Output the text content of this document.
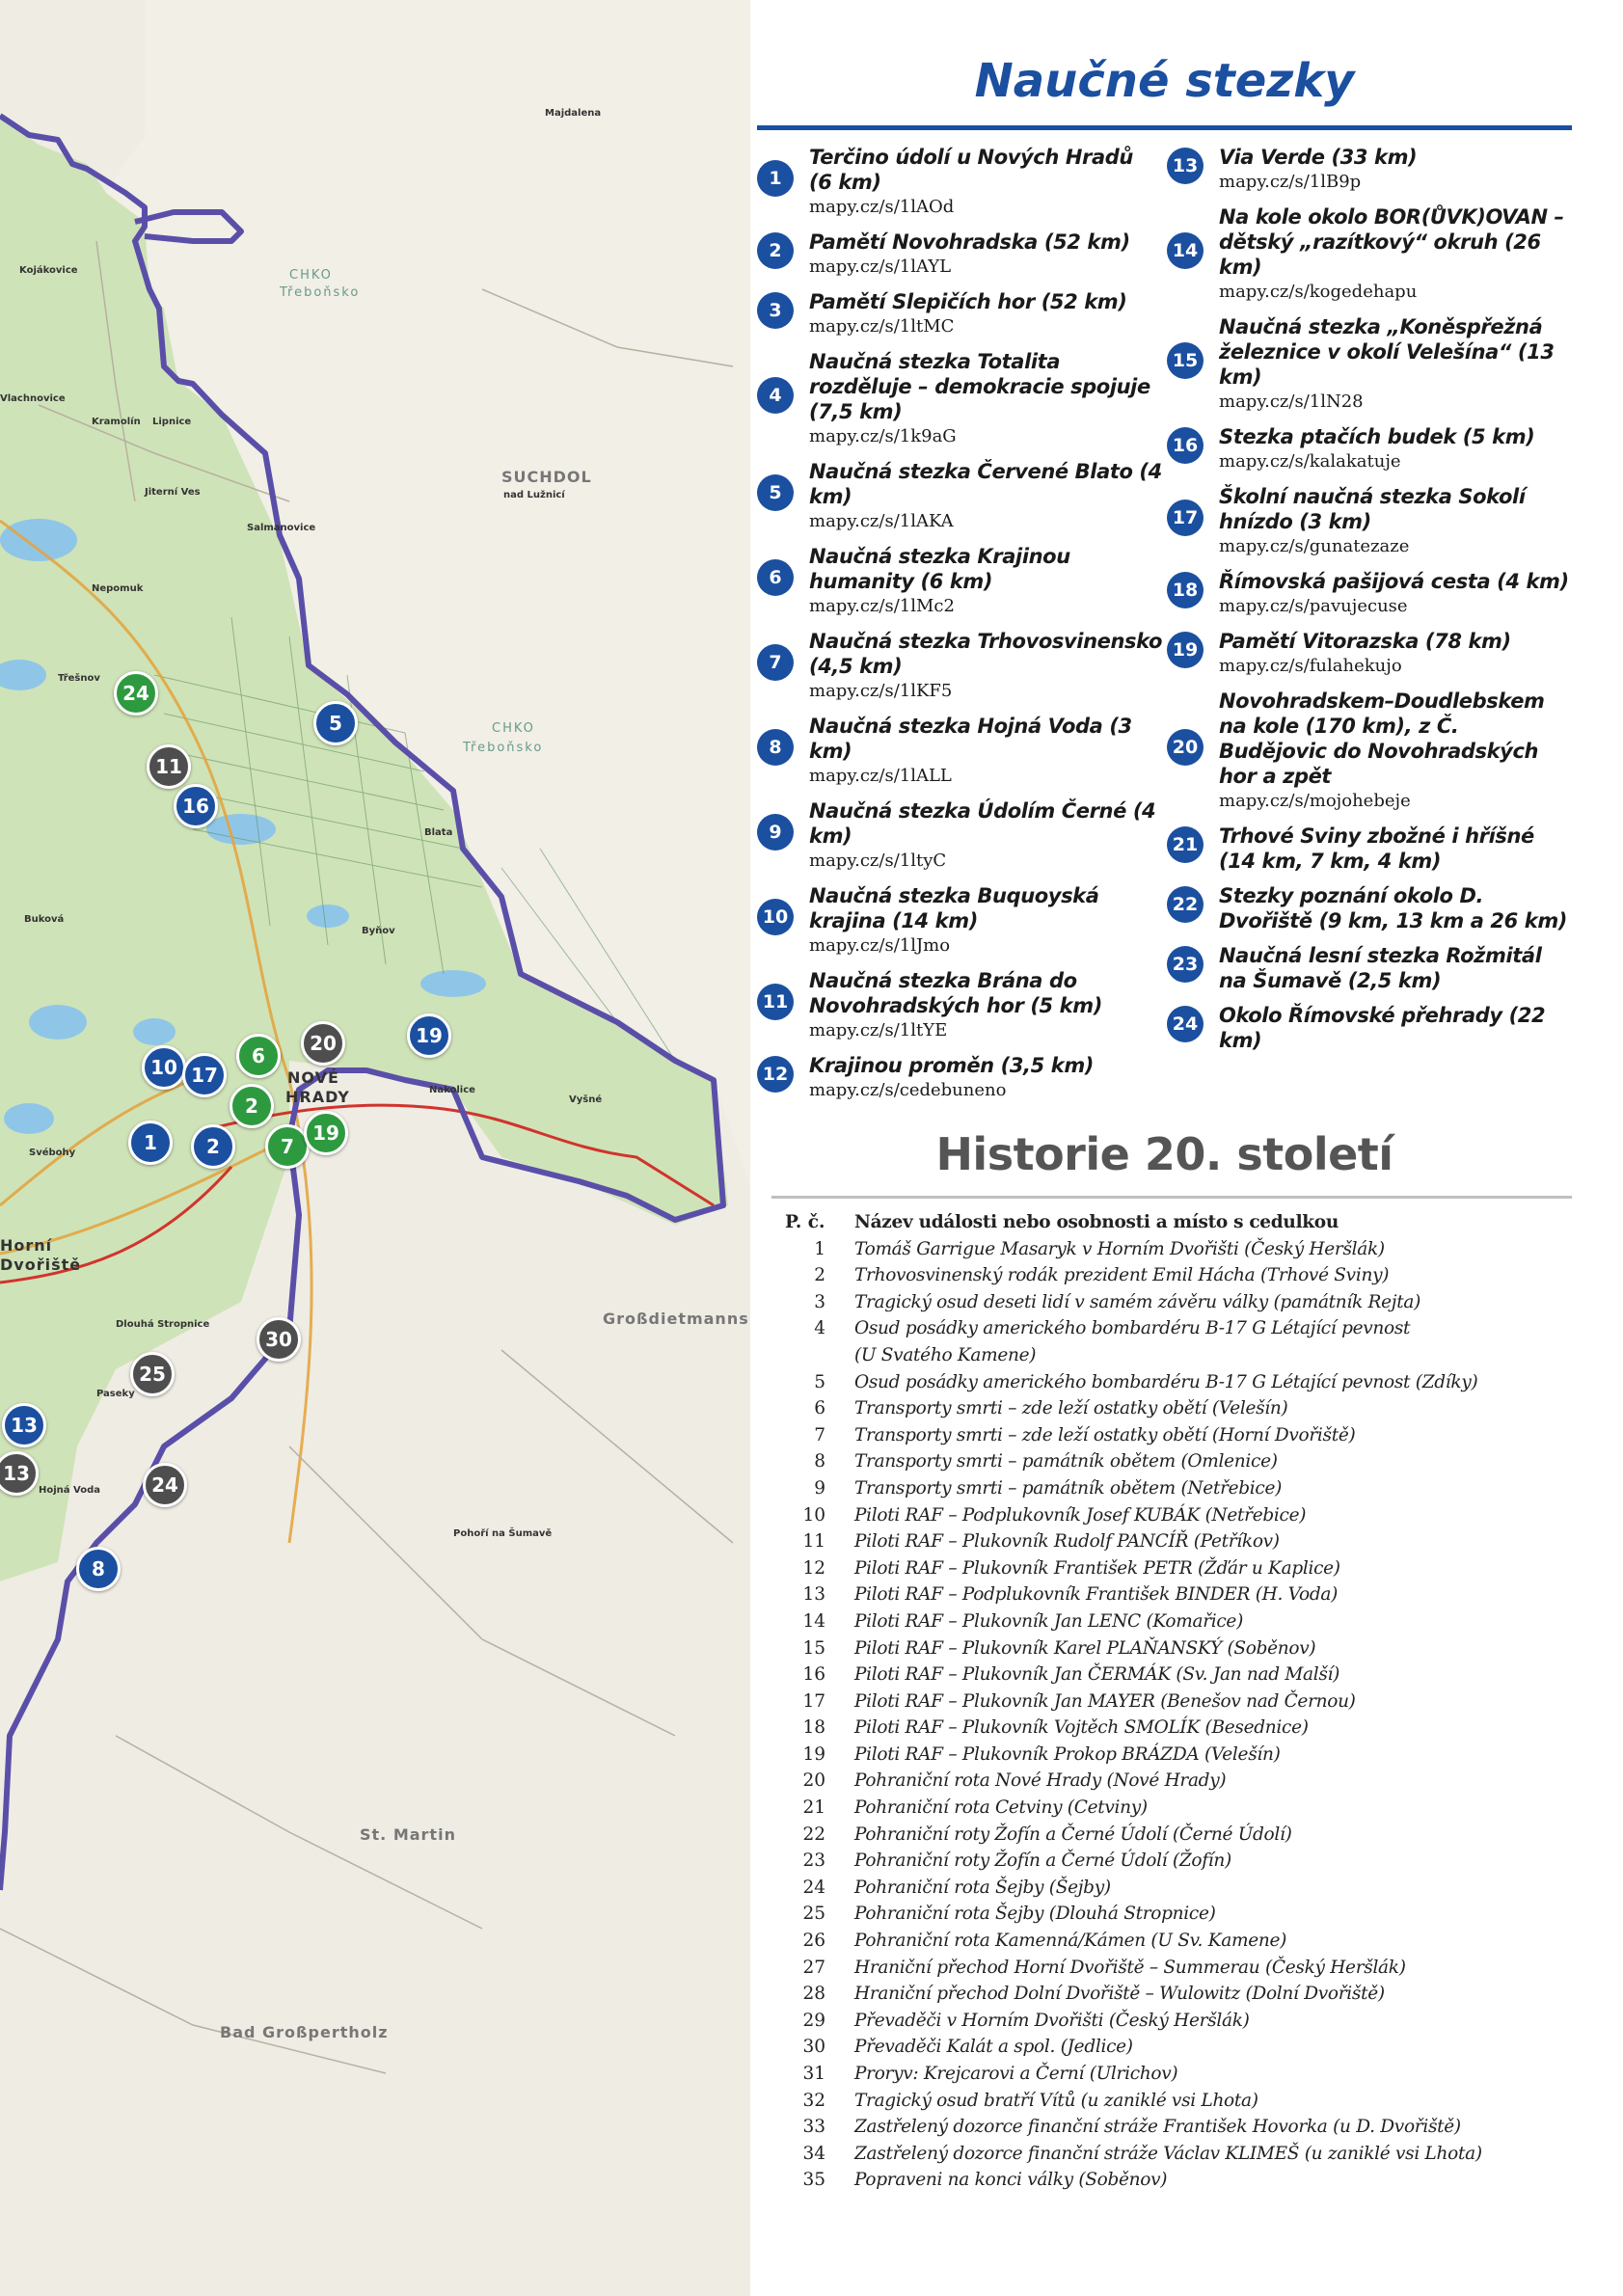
SUCHDOL
nad Lužnicí
CHKO
Třeboňsko
CHKO
Třeboňsko
NOVÉ
HRADY
Großdietmanns
St. Martin
Bad Großpertholz
Hojná Voda
Horní
Dvořiště
Dlouhá Stropnice
Kramolín Lipnice
Nakolice
Vyšné
Jiterní Ves
Salmanovice
Nepomuk
Třešnov
Buková
Svébohy
Paseky
Byňov
Blata
Pohoří na Šumavě
Vlachnovice
Kojákovice
Majdalena
24
5
11
16
19
20
6
10 17
2
1	2	7
19
30
25
13
13	24
8
Naučné stezky
1
Terčino údolí u Nových Hradů (6 km)
mapy.cz/s/1lAOd
2	Pamětí Novohradska (52 km)
mapy.cz/s/1lAYL
3	Pamětí Slepičích hor (52 km)
mapy.cz/s/1ltMC
4
Naučná stezka Totalita rozděluje – demokracie spojuje (7,5 km)
mapy.cz/s/1k9aG
5
Naučná stezka Červené Blato (4 km)
mapy.cz/s/1lAKA
6
Naučná stezka Krajinou humanity (6 km)
mapy.cz/s/1lMc2
7
Naučná stezka Trhovosvinensko (4,5 km)
mapy.cz/s/1lKF5
8
Naučná stezka Hojná Voda (3 km)
mapy.cz/s/1lALL
9
Naučná stezka Údolím Černé (4 km)
mapy.cz/s/1ltyC
10
Naučná stezka Buquoyská krajina (14 km)
mapy.cz/s/1lJmo
11
Naučná stezka Brána do Novohradských hor (5 km)
mapy.cz/s/1ltYE
12 Krajinou proměn (3,5 km)
mapy.cz/s/cedebuneno
13 Via Verde (33 km)
mapy.cz/s/1lB9p
14
Na kole okolo BOR(ŮVK)OVAN – dětský „razítkový“ okruh (26 km)
mapy.cz/s/kogedehapu
15
Naučná stezka „Koněspřežná železnice v okolí Velešína“ (13 km)
mapy.cz/s/1lN28
16 Stezka ptačích budek (5 km)
mapy.cz/s/kalakatuje
17
Školní naučná stezka Sokolí hnízdo (3 km)
mapy.cz/s/gunatezaze
18 Římovská pašijová cesta (4 km)
mapy.cz/s/pavujecuse
19 Pamětí Vitorazska (78 km)
mapy.cz/s/fulahekujo
20
Novohradskem–Doudlebskem na kole (170 km), z Č. Budějovic do Novohradských hor a zpět
mapy.cz/s/mojohebeje
21 Trhové Sviny zbožné i hříšné (14 km, 7 km, 4 km)
22 Stezky poznání okolo D. Dvořiště (9 km, 13 km a 26 km)
23 Naučná lesní stezka Rožmitál na Šumavě (2,5 km)
24 Okolo Římovské přehrady (22 km)
Historie 20. století
P. č.	Název události nebo osobnosti a místo s cedulkou
1 Tomáš Garrigue Masaryk v Horním Dvořišti (Český Heršlák)
2 Trhovosvinenský rodák prezident Emil Hácha (Trhové Sviny)
3 Tragický osud deseti lidí v samém závěru války (památník Rejta)
4 Osud posádky amerického bombardéru B-17 G Létající pevnost
(U Svatého Kamene)
5 Osud posádky amerického bombardéru B-17 G Létající pevnost (Zdíky)
6 Transporty smrti – zde leží ostatky obětí (Velešín)
7 Transporty smrti – zde leží ostatky obětí (Horní Dvořiště)
8 Transporty smrti – památník obětem (Omlenice)
9 Transporty smrti – památník obětem (Netřebice)
10 Piloti RAF – Podplukovník Josef KUBÁK (Netřebice)
11 Piloti RAF – Plukovník Rudolf PANCÍŘ (Petříkov)
12 Piloti RAF – Plukovník František PETR (Žďár u Kaplice)
13 Piloti RAF – Podplukovník František BINDER (H. Voda)
14 Piloti RAF – Plukovník Jan LENC (Komařice)
15 Piloti RAF – Plukovník Karel PLAŇANSKÝ (Soběnov)
16 Piloti RAF – Plukovník Jan ČERMÁK (Sv. Jan nad Malší)
17 Piloti RAF – Plukovník Jan MAYER (Benešov nad Černou)
18 Piloti RAF – Plukovník Vojtěch SMOLÍK (Besednice)
19 Piloti RAF – Plukovník Prokop BRÁZDA (Velešín)
20 Pohraniční rota Nové Hrady (Nové Hrady)
21 Pohraniční rota Cetviny (Cetviny)
22 Pohraniční roty Žofín a Černé Údolí (Černé Údolí)
23 Pohraniční roty Žofín a Černé Údolí (Žofín)
24 Pohraniční rota Šejby (Šejby)
25 Pohraniční rota Šejby (Dlouhá Stropnice)
26 Pohraniční rota Kamenná/Kámen (U Sv. Kamene)
27 Hraniční přechod Horní Dvořiště – Summerau (Český Heršlák)
28 Hraniční přechod Dolní Dvořiště – Wulowitz (Dolní Dvořiště)
29 Převaděči v Horním Dvořišti (Český Heršlák)
30 Převaděči Kalát a spol. (Jedlice)
31 Proryv: Krejcarovi a Černí (Ulrichov)
32 Tragický osud bratří Vítů (u zaniklé vsi Lhota)
33 Zastřelený dozorce finanční stráže František Hovorka (u D. Dvořiště)
34 Zastřelený dozorce finanční stráže Václav KLIMEŠ (u zaniklé vsi Lhota)
35 Popraveni na konci války (Soběnov)
